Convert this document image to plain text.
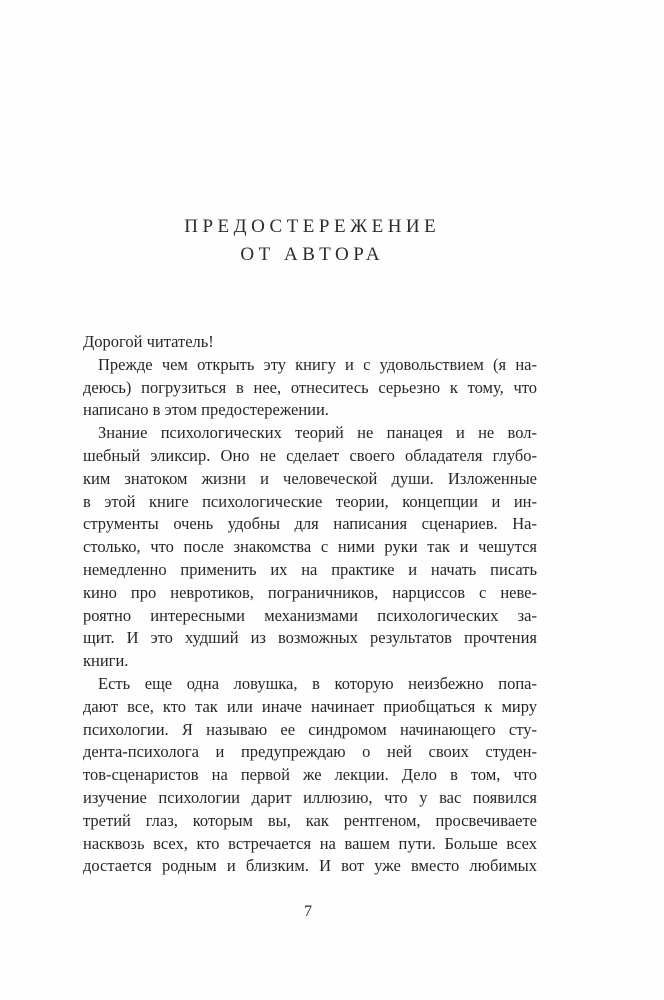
ПРЕДОСТЕРЕЖЕНИЕ
ОТ АВТОРА
Дорогой читатель!
Прежде чем открыть эту книгу и с удовольствием (я на-
деюсь) погрузиться в нее, отнеситесь серьезно к тому, что
написано в этом предостережении.
Знание психологических теорий не панацея и не вол-
шебный эликсир. Оно не сделает своего обладателя глубо-
ким знатоком жизни и человеческой души. Изложенные
в этой книге психологические теории, концепции и ин-
струменты очень удобны для написания сценариев. На-
столько, что после знакомства с ними руки так и чешутся
немедленно применить их на практике и начать писать
кино про невротиков, пограничников, нарциссов с неве-
роятно интересными механизмами психологических за-
щит. И это худший из возможных результатов прочтения
книги.
Есть еще одна ловушка, в которую неизбежно попа-
дают все, кто так или иначе начинает приобщаться к миру
психологии. Я называю ее синдромом начинающего сту-
дента-психолога и предупреждаю о ней своих студен-
тов-сценаристов на первой же лекции. Дело в том, что
изучение психологии дарит иллюзию, что у вас появился
третий глаз, которым вы, как рентгеном, просвечиваете
насквозь всех, кто встречается на вашем пути. Больше всех
достается родным и близким. И вот уже вместо любимых
7
